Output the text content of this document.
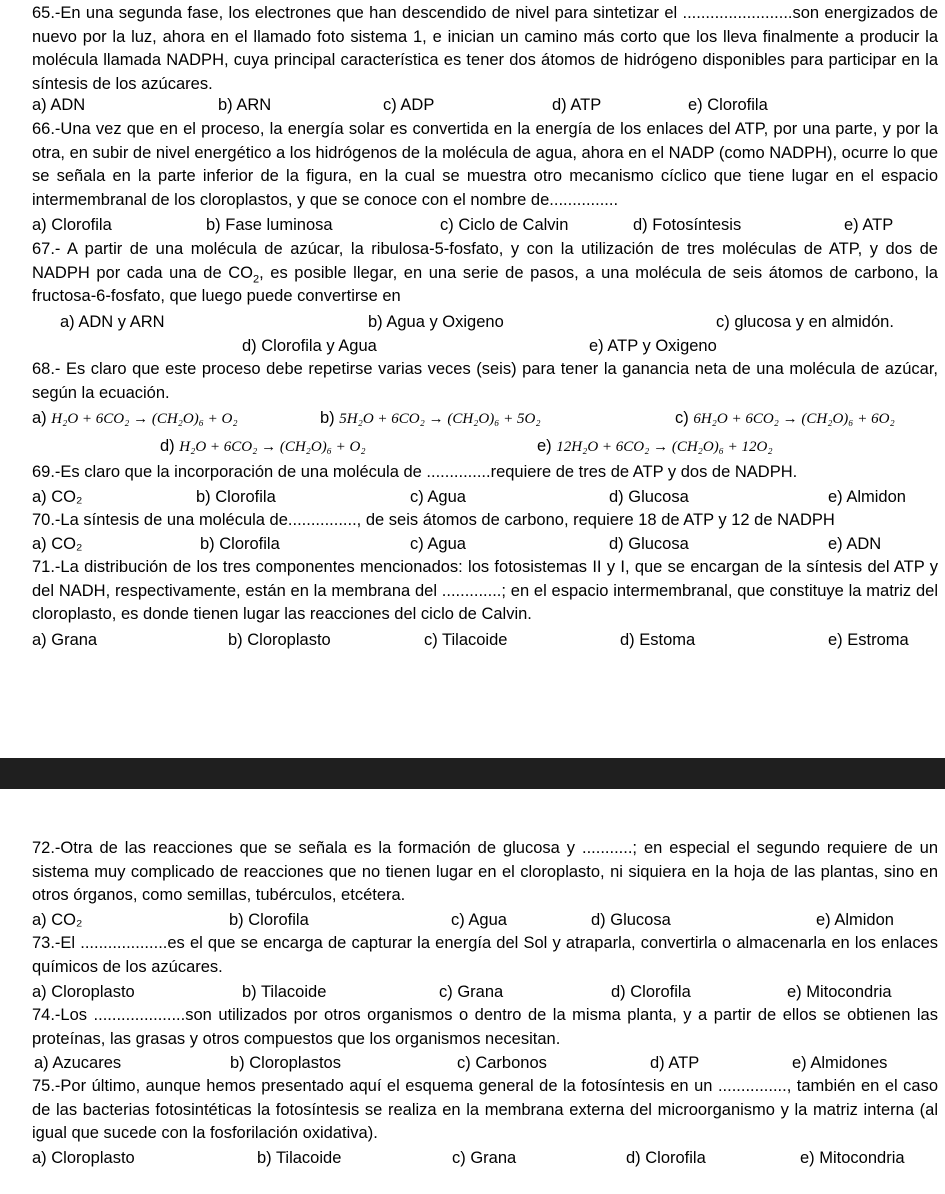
65.-En una segunda fase, los electrones que han descendido de nivel para sintetizar el ........................son energizados de nuevo por la luz, ahora en el llamado foto sistema 1, e inician un camino más corto que los lleva finalmente a producir la molécula llamada NADPH, cuya principal característica es tener dos átomos de hidrógeno disponibles para participar en la síntesis de los azúcares.
a) ADN	b) ARN	c) ADP	d) ATP	e) Clorofila
66.-Una vez que en el proceso, la energía solar es convertida en la energía de los enlaces del ATP, por una parte, y por la otra, en subir de nivel energético a los hidrógenos de la molécula de agua, ahora en el NADP (como NADPH), ocurre lo que se señala en la parte inferior de la figura, en la cual se muestra otro mecanismo cíclico que tiene lugar en el espacio intermembranal de los cloroplastos, y que se conoce con el nombre de...............
a) Clorofila	b) Fase luminosa	c) Ciclo de Calvin	d) Fotosíntesis	e) ATP
67.- A partir de una molécula de azúcar, la ribulosa-5-fosfato, y con la utilización de tres moléculas de ATP, y dos de NADPH por cada una de $CO_2$, es posible llegar, en una serie de pasos, a una molécula de seis átomos de carbono, la fructosa-6-fosfato, que luego puede convertirse en
a) ADN y ARN	b) Agua y Oxigeno	c) glucosa y en almidón.
d) Clorofila y Agua	e) ATP y Oxigeno
68.- Es claro que este proceso debe repetirse varias veces (seis) para tener la ganancia neta de una molécula de azúcar, según la ecuación.
a) H₂O + 6CO₂ → (CH₂O)₆ + O₂	b) 5H₂O + 6CO₂ → (CH₂O)₆ + 5O₂	c) 6H₂O + 6CO₂ → (CH₂O)₆ + 6O₂
d) H₂O + 6CO₂ → (CH₂O)₆ + O₂	e) 12H₂O + 6CO₂ → (CH₂O)₆ + 12O₂
69.-Es claro que la incorporación de una molécula de ..............requiere de tres de ATP y dos de NADPH.
a) CO₂	b) Clorofila	c) Agua	d) Glucosa	e) Almidon
70.-La síntesis de una molécula de..............., de seis átomos de carbono, requiere 18 de ATP y 12 de NADPH
a) CO₂	b) Clorofila	c) Agua	d) Glucosa	e) ADN
71.-La distribución de los tres componentes mencionados: los fotosistemas II y I, que se encargan de la síntesis del ATP y del NADH, respectivamente, están en la membrana del .............; en el espacio intermembranal, que constituye la matriz del cloroplasto, es donde tienen lugar las reacciones del ciclo de Calvin.
a) Grana	b) Cloroplasto	c) Tilacoide	d) Estoma	e) Estroma
72.-Otra de las reacciones que se señala es la formación de glucosa y ...........; en especial el segundo requiere de un sistema muy complicado de reacciones que no tienen lugar en el cloroplasto, ni siquiera en la hoja de las plantas, sino en otros órganos, como semillas, tubérculos, etcétera.
a) CO₂	b) Clorofila	c) Agua	d) Glucosa	e) Almidon
73.-El ...................es el que se encarga de capturar la energía del Sol y atraparla, convertirla o almacenarla en los enlaces químicos de los azúcares.
a) Cloroplasto	b) Tilacoide	c) Grana	d) Clorofila	e) Mitocondria
74.-Los ....................son utilizados por otros organismos o dentro de la misma planta, y a partir de ellos se obtienen las proteínas, las grasas y otros compuestos que los organismos necesitan.
a) Azucares	b) Cloroplastos	c) Carbonos	d) ATP	e) Almidones
75.-Por último, aunque hemos presentado aquí el esquema general de la fotosíntesis en un ..............., también en el caso de las bacterias fotosintéticas la fotosíntesis se realiza en la membrana externa del microorganismo y la matriz interna (al igual que sucede con la fosforilación oxidativa).
a) Cloroplasto	b) Tilacoide	c) Grana	d) Clorofila	e) Mitocondria
